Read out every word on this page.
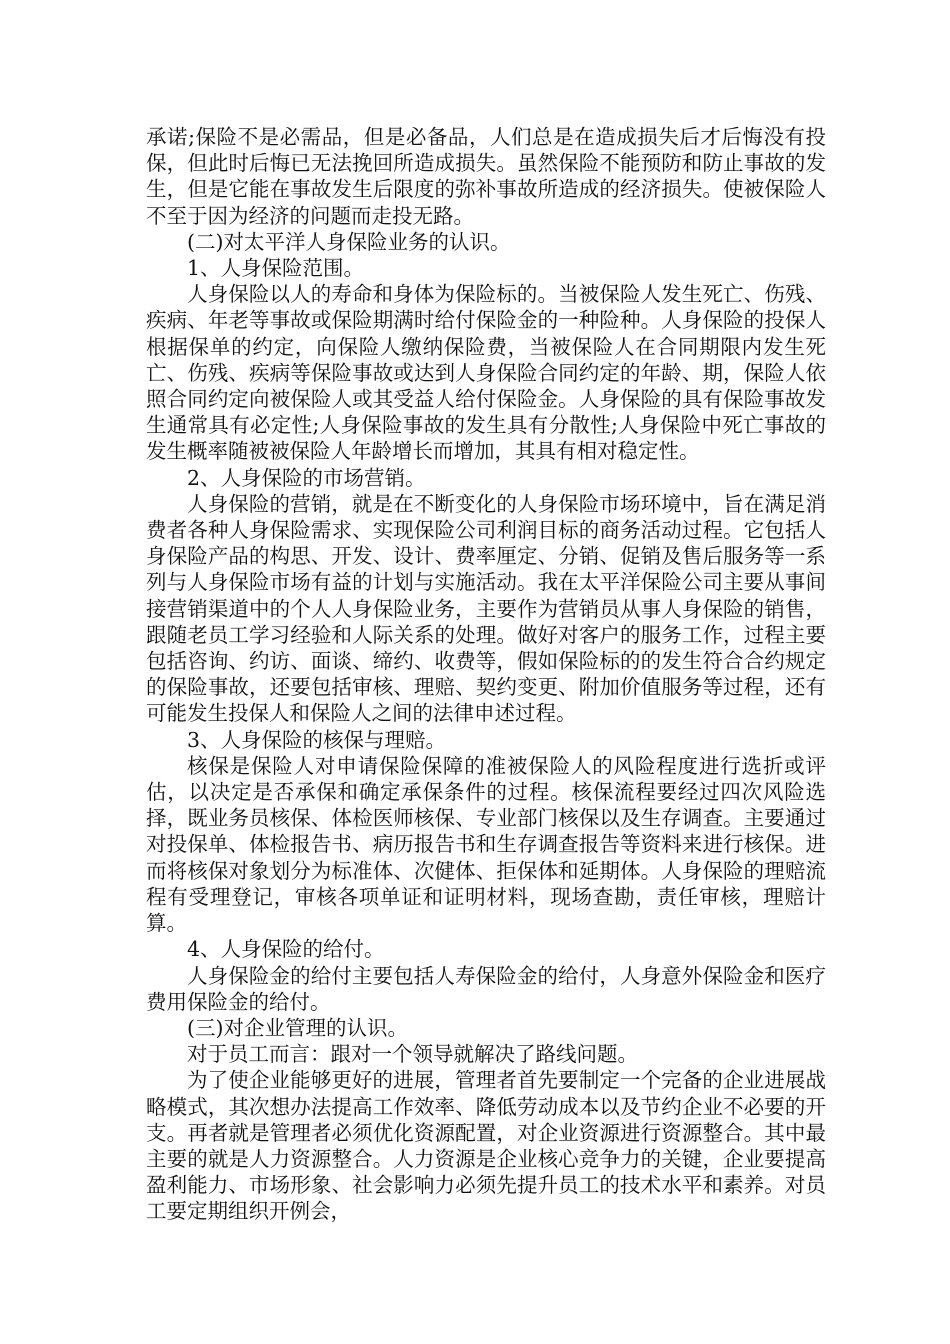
承诺;保险不是必需品，但是必备品，人们总是在造成损失后才后悔没有投保，但此时后悔已无法挽回所造成损失。虽然保险不能预防和防止事故的发生，但是它能在事故发生后限度的弥补事故所造成的经济损失。使被保险人不至于因为经济的问题而走投无路。

(二)对太平洋人身保险业务的认识。

1、人身保险范围。

人身保险以人的寿命和身体为保险标的。当被保险人发生死亡、伤残、疾病、年老等事故或保险期满时给付保险金的一种险种。人身保险的投保人根据保单的约定，向保险人缴纳保险费，当被保险人在合同期限内发生死亡、伤残、疾病等保险事故或达到人身保险合同约定的年龄、期，保险人依照合同约定向被保险人或其受益人给付保险金。人身保险的具有保险事故发生通常具有必定性;人身保险事故的发生具有分散性;人身保险中死亡事故的发生概率随被被保险人年龄增长而增加，其具有相对稳定性。

2、人身保险的市场营销。

人身保险的营销，就是在不断变化的人身保险市场环境中，旨在满足消费者各种人身保险需求、实现保险公司利润目标的商务活动过程。它包括人身保险产品的构思、开发、设计、费率厘定、分销、促销及售后服务等一系列与人身保险市场有益的计划与实施活动。我在太平洋保险公司主要从事间接营销渠道中的个人人身保险业务，主要作为营销员从事人身保险的销售，跟随老员工学习经验和人际关系的处理。做好对客户的服务工作，过程主要包括咨询、约访、面谈、缔约、收费等，假如保险标的的发生符合合约规定的保险事故，还要包括审核、理赔、契约变更、附加价值服务等过程，还有可能发生投保人和保险人之间的法律申述过程。

3、人身保险的核保与理赔。

核保是保险人对申请保险保障的准被保险人的风险程度进行选折或评估，以决定是否承保和确定承保条件的过程。核保流程要经过四次风险选择，既业务员核保、体检医师核保、专业部门核保以及生存调查。主要通过对投保单、体检报告书、病历报告书和生存调查报告等资料来进行核保。进而将核保对象划分为标准体、次健体、拒保体和延期体。人身保险的理赔流程有受理登记，审核各项单证和证明材料，现场查勘，责任审核，理赔计算。

4、人身保险的给付。

人身保险金的给付主要包括人寿保险金的给付，人身意外保险金和医疗费用保险金的给付。

(三)对企业管理的认识。

对于员工而言：跟对一个领导就解决了路线问题。

为了使企业能够更好的进展，管理者首先要制定一个完备的企业进展战略模式，其次想办法提高工作效率、降低劳动成本以及节约企业不必要的开支。再者就是管理者必须优化资源配置，对企业资源进行资源整合。其中最主要的就是人力资源整合。人力资源是企业核心竞争力的关键，企业要提高盈利能力、市场形象、社会影响力必须先提升员工的技术水平和素养。对员工要定期组织开例会，
